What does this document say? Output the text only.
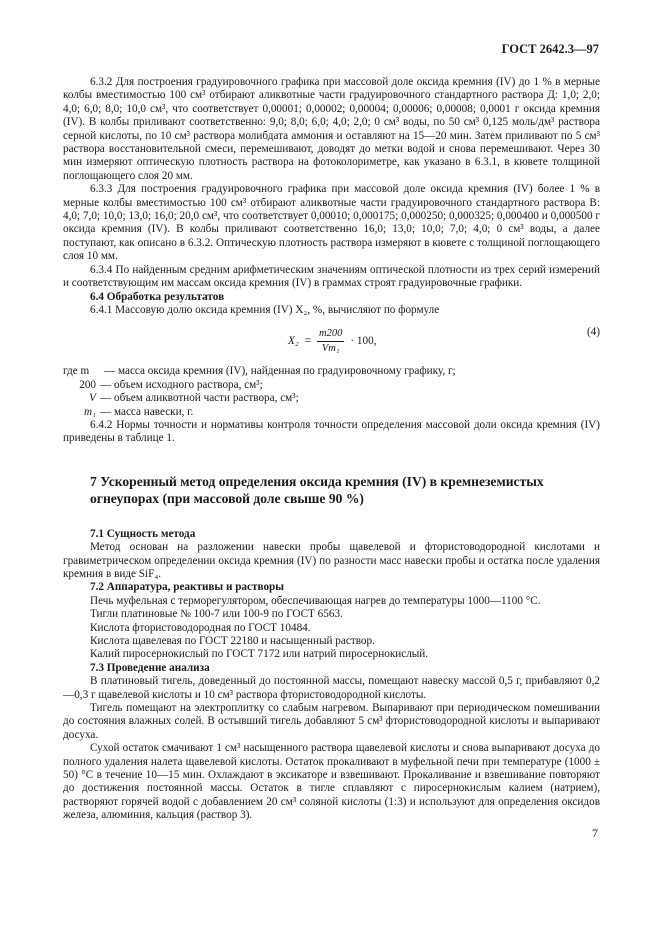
ГОСТ 2642.3—97

6.3.2 Для построения градуировочного графика при массовой доле оксида кремния (IV) до 1 % в мерные колбы вместимостью 100 см³ отбирают аликвотные части градуировочного стандартного раствора Д: 1,0; 2,0; 4,0; 6,0; 8,0; 10,0 см³, что соответствует 0,00001; 0,00002; 0,00004; 0,00006; 0,00008; 0,0001 г оксида кремния (IV). В колбы приливают соответственно: 9,0; 8,0; 6,0; 4,0; 2,0; 0 см³ воды, по 50 см³ 0,125 моль/дм³ раствора серной кислоты, по 10 см³ раствора молибдата аммония и оставляют на 15—20 мин. Затем приливают по 5 см³ раствора восстановительной смеси, перемешивают, доводят до метки водой и снова перемешивают. Через 30 мин измеряют оптическую плотность раствора на фотоколориметре, как указано в 6.3.1, в кювете толщиной поглощающего слоя 20 мм.

6.3.3 Для построения градуировочного графика при массовой доле оксида кремния (IV) более 1 % в мерные колбы вместимостью 100 см³ отбирают аликвотные части градуировочного стандартного раствора В: 4,0; 7,0; 10,0; 13,0; 16,0; 20,0 см³, что соответствует 0,00010; 0,000175; 0,000250; 0,000325; 0,000400 и 0,000500 г оксида кремния (IV). В колбы приливают соответственно 16,0; 13,0; 10,0; 7,0; 4,0; 0 см³ воды, а далее поступают, как описано в 6.3.2. Оптическую плотность раствора измеряют в кювете с толщиной поглощающего слоя 10 мм.

6.3.4 По найденным средним арифметическим значениям оптической плотности из трех серий измерений и соответствующим им массам оксида кремния (IV) в граммах строят градуировочные графики.

6.4 Обработка результатов

6.4.1 Массовую долю оксида кремния (IV) X₂, %, вычисляют по формуле

$X_2 = \frac{m200}{\text{Vm₁}} \cdot 100$,
(4)
где m	— масса оксида кремния (IV), найденная по градуировочному графику, г;
200 — объем исходного раствора, см³;
V — объем аликвотной части раствора, см³;
m₁ — масса навески, г.

6.4.2 Нормы точности и нормативы контроля точности определения массовой доли оксида кремния (IV) приведены в таблице 1.

7 Ускоренный метод определения оксида кремния (IV) в кремнеземистых огнеупорах (при массовой доле свыше 90 %)

7.1 Сущность метода

Метод основан на разложении навески пробы щавелевой и фтористоводородной кислотами и гравиметрическом определении оксида кремния (IV) по разности масс навески пробы и остатка после удаления кремния в виде SiF₄.

7.2 Аппаратура, реактивы и растворы

Печь муфельная с терморегулятором, обеспечивающая нагрев до температуры 1000—1100 °С.

Тигли платиновые № 100-7 или 100-9 по ГОСТ 6563.

Кислота фтористоводородная по ГОСТ 10484.

Кислота щавелевая по ГОСТ 22180 и насыщенный раствор.

Калий пиросернокислый по ГОСТ 7172 или натрий пиросернокислый.

7.3 Проведение анализа

В платиновый тигель, доведенный до постоянной массы, помещают навеску массой 0,5 г, прибавляют 0,2—0,3 г щавелевой кислоты и 10 см³ раствора фтористоводородной кислоты.

Тигель помещают на электроплитку со слабым нагревом. Выпаривают при периодическом помешивании до состояния влажных солей. В остывший тигель добавляют 5 см³ фтористоводородной кислоты и выпаривают досуха.

Сухой остаток смачивают 1 см³ насыщенного раствора щавелевой кислоты и снова выпаривают досуха до полного удаления налета щавелевой кислоты. Остаток прокаливают в муфельной печи при температуре (1000 ± 50) °С в течение 10—15 мин. Охлаждают в эксикаторе и взвешивают. Прокаливание и взвешивание повторяют до достижения постоянной массы. Остаток в тигле сплавляют с пиросернокислым калием (натрием), растворяют горячей водой с добавлением 20 см³ соляной кислоты (1:3) и используют для определения оксидов железа, алюминия, кальция (раствор 3).

7
